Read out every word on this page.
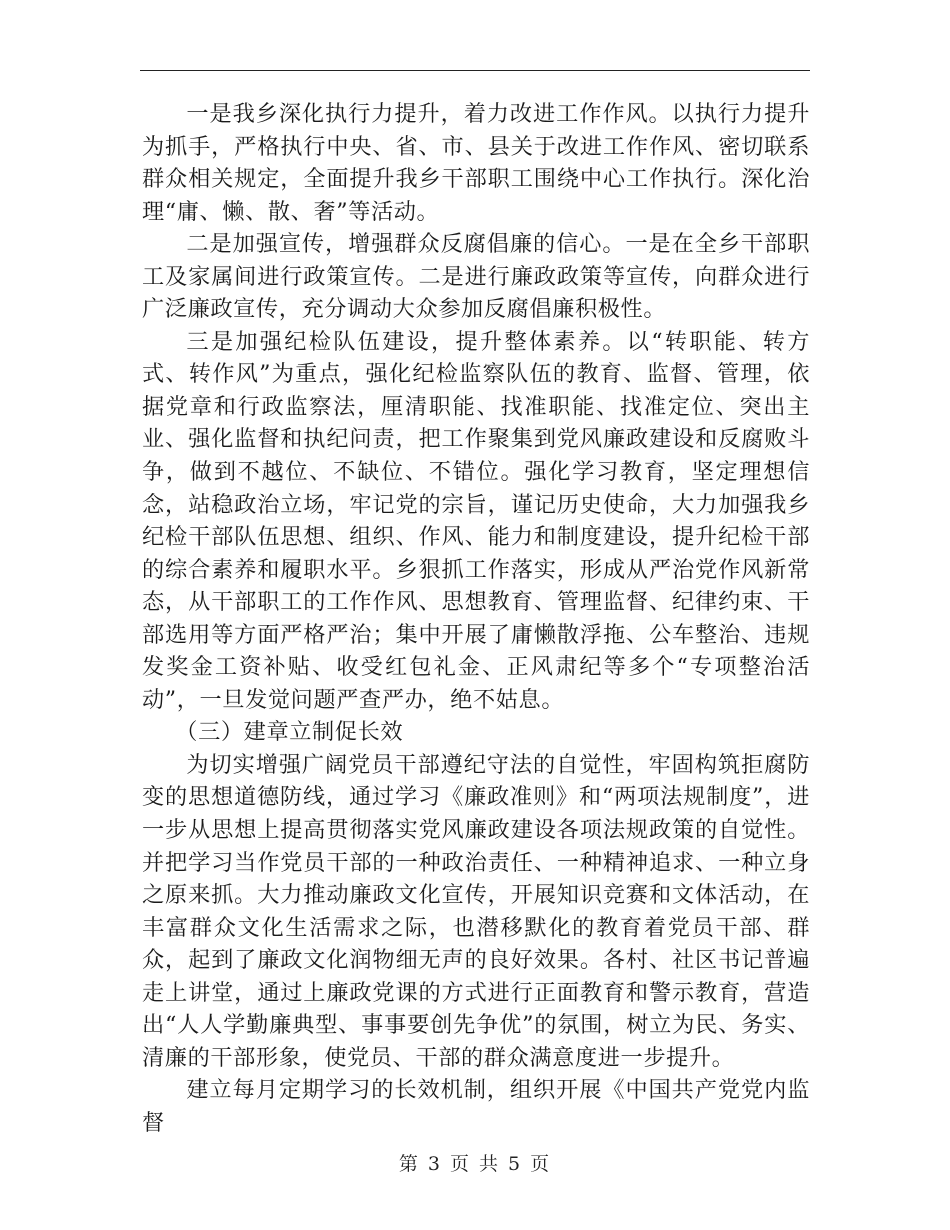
一是我乡深化执行力提升，着力改进工作作风。以执行力提升为抓手，严格执行中央、省、市、县关于改进工作作风、密切联系群众相关规定，全面提升我乡干部职工围绕中心工作执行。深化治理“庸、懒、散、奢”等活动。

二是加强宣传，增强群众反腐倡廉的信心。一是在全乡干部职工及家属间进行政策宣传。二是进行廉政政策等宣传，向群众进行广泛廉政宣传，充分调动大众参加反腐倡廉积极性。

三是加强纪检队伍建设，提升整体素养。以“转职能、转方式、转作风”为重点，强化纪检监察队伍的教育、监督、管理，依据党章和行政监察法，厘清职能、找准职能、找准定位、突出主业、强化监督和执纪问责，把工作聚集到党风廉政建设和反腐败斗争，做到不越位、不缺位、不错位。强化学习教育，坚定理想信念，站稳政治立场，牢记党的宗旨，谨记历史使命，大力加强我乡纪检干部队伍思想、组织、作风、能力和制度建设，提升纪检干部的综合素养和履职水平。乡狠抓工作落实，形成从严治党作风新常态，从干部职工的工作作风、思想教育、管理监督、纪律约束、干部选用等方面严格严治；集中开展了庸懒散浮拖、公车整治、违规发奖金工资补贴、收受红包礼金、正风肃纪等多个“专项整治活动”，一旦发觉问题严查严办，绝不姑息。

（三）建章立制促长效

为切实增强广阔党员干部遵纪守法的自觉性，牢固构筑拒腐防变的思想道德防线，通过学习《廉政准则》和“两项法规制度”，进一步从思想上提高贯彻落实党风廉政建设各项法规政策的自觉性。并把学习当作党员干部的一种政治责任、一种精神追求、一种立身之原来抓。大力推动廉政文化宣传，开展知识竞赛和文体活动，在丰富群众文化生活需求之际，也潜移默化的教育着党员干部、群众，起到了廉政文化润物细无声的良好效果。各村、社区书记普遍走上讲堂，通过上廉政党课的方式进行正面教育和警示教育，营造出“人人学勤廉典型、事事要创先争优”的氛围，树立为民、务实、清廉的干部形象，使党员、干部的群众满意度进一步提升。

建立每月定期学习的长效机制，组织开展《中国共产党党内监督

第 3 页 共 5 页
